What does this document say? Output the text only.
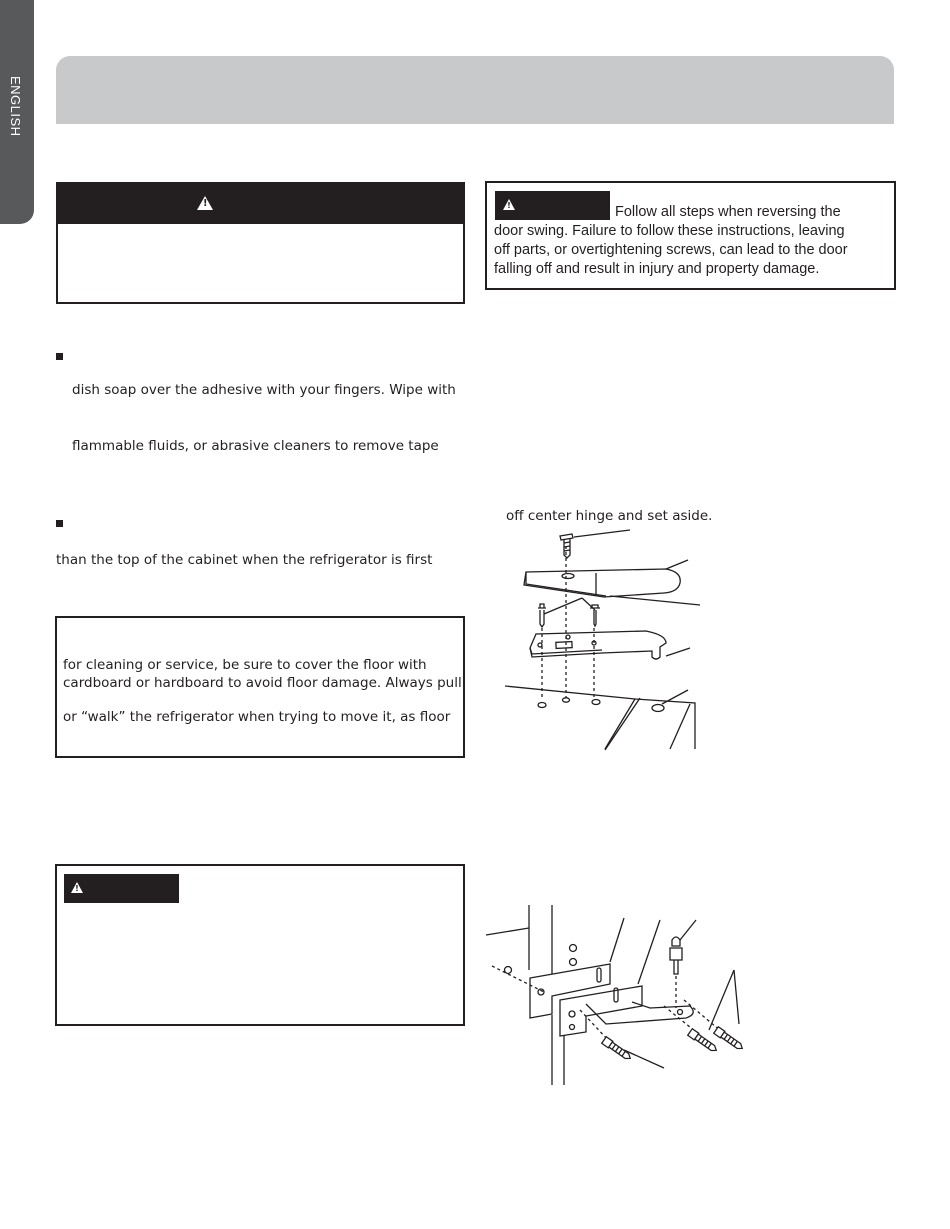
ENGLISH
!	!	Follow all steps when reversing the
door swing. Failure to follow these instructions, leaving
off parts, or overtightening screws, can lead to the door
falling off and result in injury and property damage.
dish soap over the adhesive with your fingers. Wipe with
flammable fluids, or abrasive cleaners to remove tape
than the top of the cabinet when the refrigerator is first
for cleaning or service, be sure to cover the floor with
cardboard or hardboard to avoid floor damage. Always pull
or “walk” the refrigerator when trying to move it, as floor
!
off center hinge and set aside.
